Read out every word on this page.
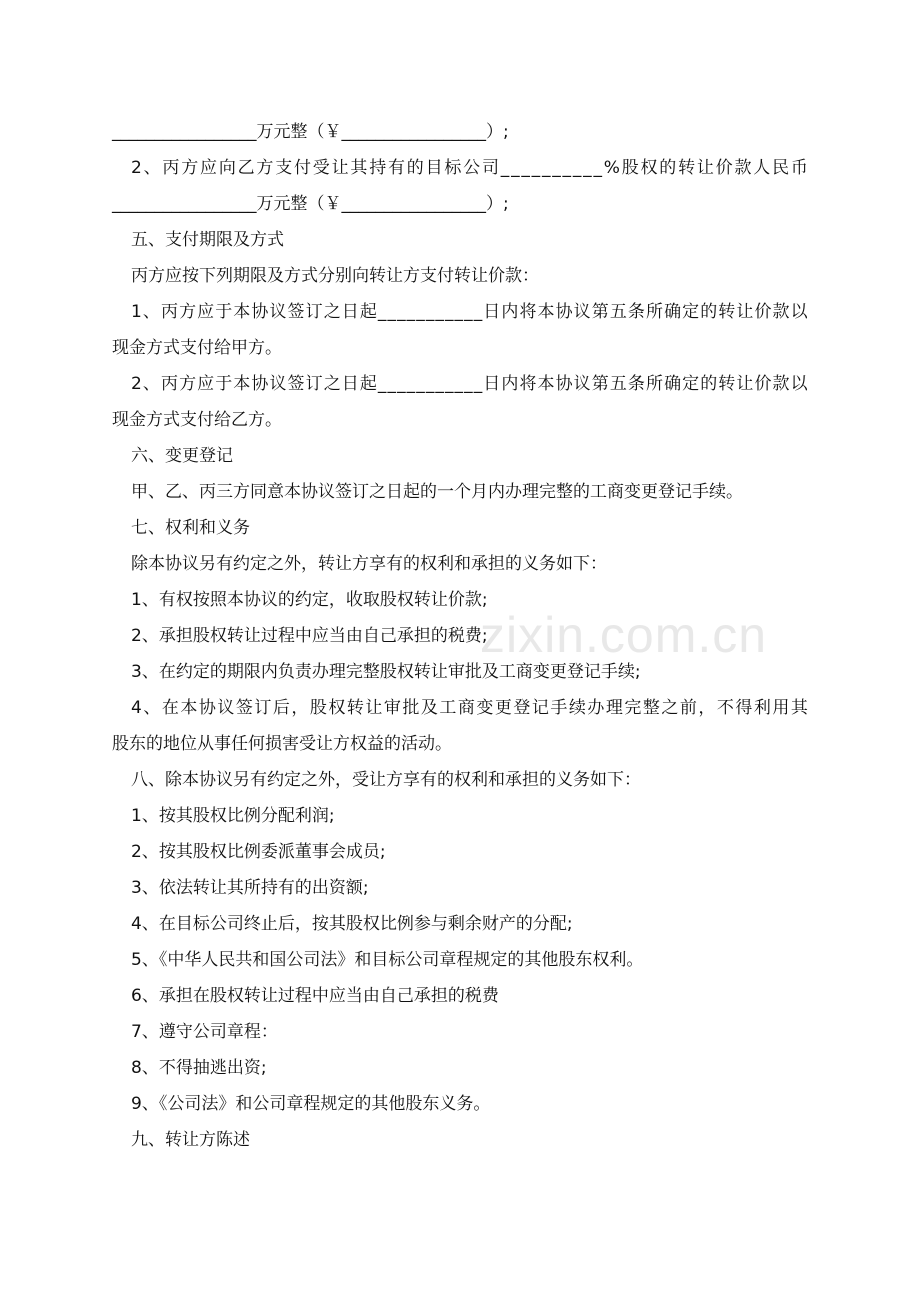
zixin.com.cn
_________________万元整（￥_________________）;
2 、 丙 方 应 向 乙 方 支 付 受 让 其 持 有 的 目 标 公 司 _ _ _ _ _ _ _ _ _ _ % 股 权 的 转 让 价 款 人 民 币
_________________万元整（￥_________________）;
五、支付期限及方式
丙方应按下列期限及方式分别向转让方支付转让价款：
1 、 丙 方 应 于 本 协 议 签 订 之 日 起 _ _ _ _ _ _ _ _ _ _ _ 日 内 将 本 协 议 第 五 条 所 确 定 的 转 让 价 款 以
现金方式支付给甲方。
2 、 丙 方 应 于 本 协 议 签 订 之 日 起 _ _ _ _ _ _ _ _ _ _ _ 日 内 将 本 协 议 第 五 条 所 确 定 的 转 让 价 款 以
现金方式支付给乙方。
六、变更登记
甲、乙、丙三方同意本协议签订之日起的一个月内办理完整的工商变更登记手续。
七、权利和义务
除本协议另有约定之外，转让方享有的权利和承担的义务如下：
1、有权按照本协议的约定，收取股权转让价款;
2、承担股权转让过程中应当由自己承担的税费;
3、在约定的期限内负责办理完整股权转让审批及工商变更登记手续;
4 、 在 本 协 议 签 订 后 ， 股 权 转 让 审 批 及 工 商 变 更 登 记 手 续 办 理 完 整 之 前 ， 不 得 利 用 其
股东的地位从事任何损害受让方权益的活动。
八、除本协议另有约定之外，受让方享有的权利和承担的义务如下：
1、按其股权比例分配利润;
2、按其股权比例委派董事会成员;
3、依法转让其所持有的出资额;
4、在目标公司终止后，按其股权比例参与剩余财产的分配;
5、《中华人民共和国公司法》和目标公司章程规定的其他股东权利。
6、承担在股权转让过程中应当由自己承担的税费
7、遵守公司章程：
8、不得抽逃出资;
9、《公司法》和公司章程规定的其他股东义务。
九、转让方陈述
